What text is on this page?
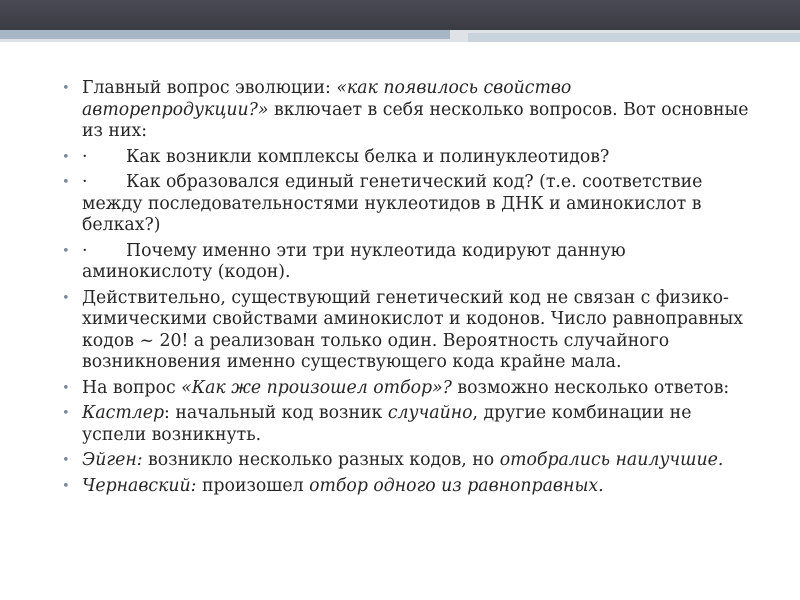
• Главный вопрос эволюции: «как появилось свойство авторепродукции?» включает в себя несколько вопросов. Вот основные из них:
• · Как возникли комплексы белка и полинуклеотидов?
• · Как образовался единый генетический код? (т.е. соответствие между последовательностями нуклеотидов в ДНК и аминокислот в белках?)
• · Почему именно эти три нуклеотида кодируют данную аминокислоту (кодон).
• Действительно, существующий генетический код не связан с физико-химическими свойствами аминокислот и кодонов. Число равноправных кодов ~ 20! а реализован только один. Вероятность случайного возникновения именно существующего кода крайне мала.
• На вопрос «Как же произошел отбор»? возможно несколько ответов:
• Кастлер: начальный код возник случайно, другие комбинации не успели возникнуть.
• Эйген: возникло несколько разных кодов, но отобрались наилучшие.
• Чернавский: произошел отбор одного из равноправных.
